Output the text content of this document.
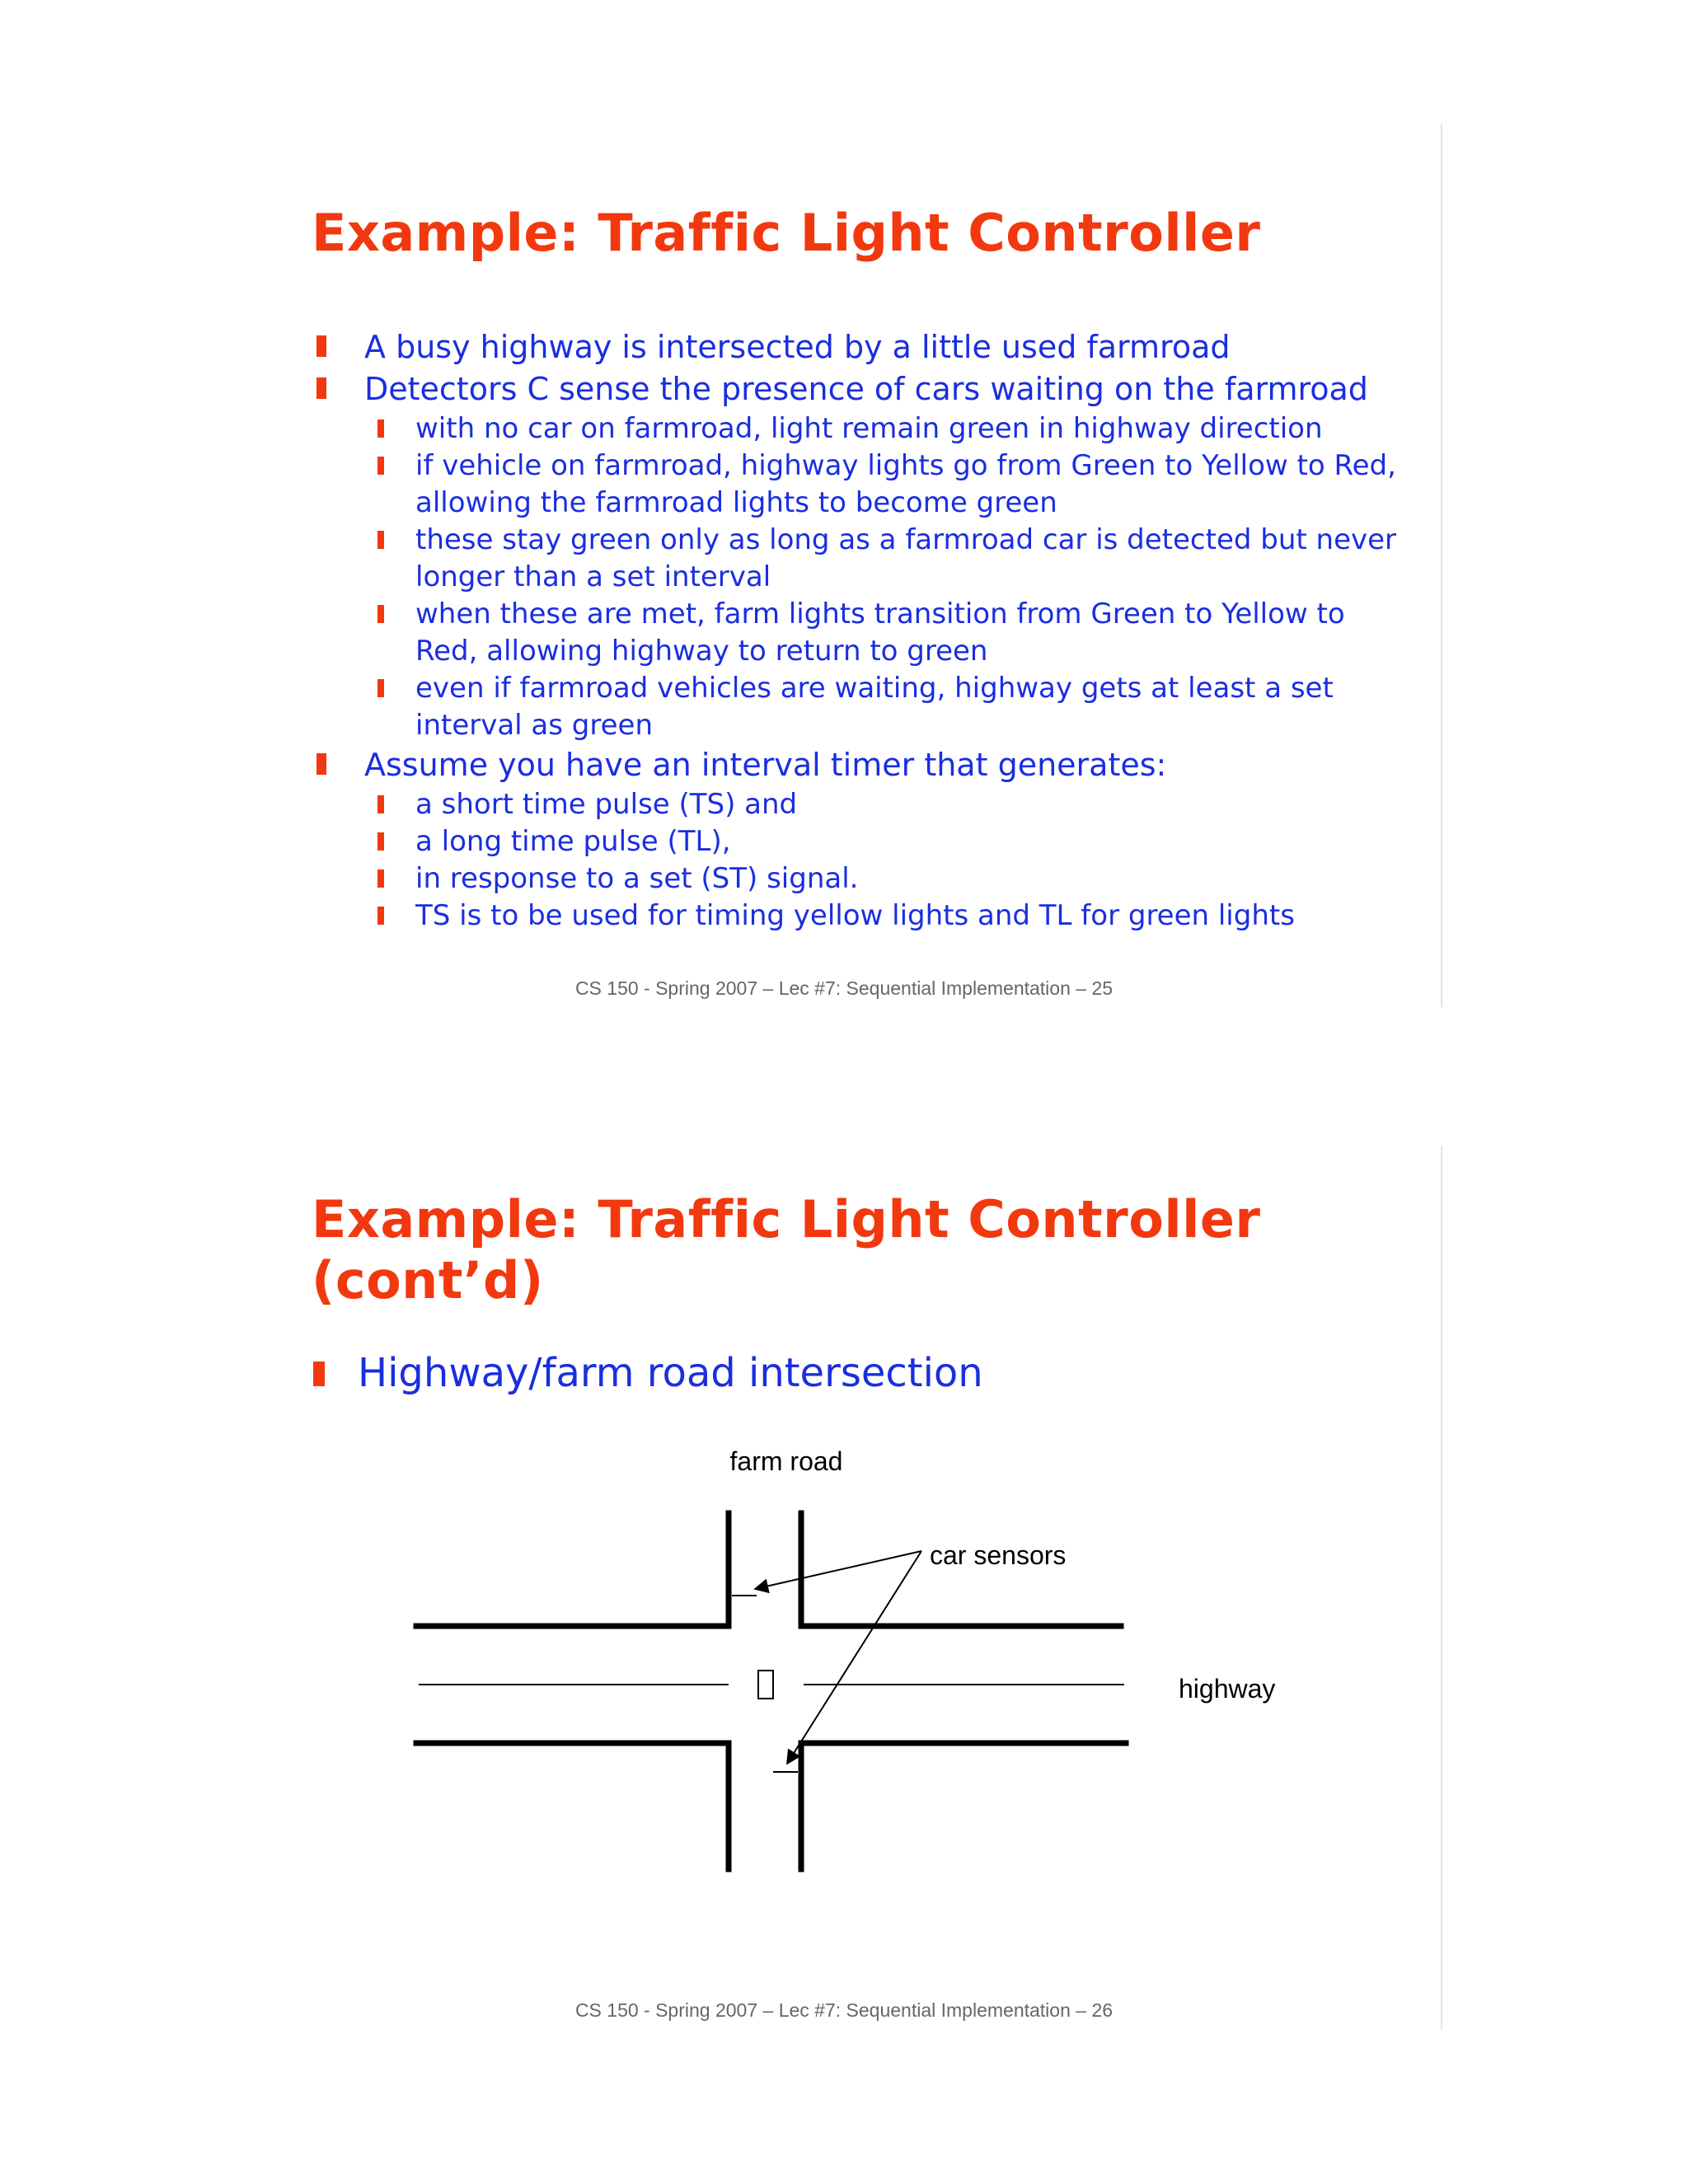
Example: Traffic Light Controller
A busy highway is intersected by a little used farmroad
Detectors C sense the presence of cars waiting on the farmroad
with no car on farmroad, light remain green in highway direction
if vehicle on farmroad, highway lights go from Green to Yellow to Red,
allowing the farmroad lights to become green
these stay green only as long as a farmroad car is detected but never
longer than a set interval
when these are met, farm lights transition from Green to Yellow to
Red, allowing highway to return to green
even if farmroad vehicles are waiting, highway gets at least a set
interval as green
Assume you have an interval timer that generates:
a short time pulse (TS) and
a long time pulse (TL),
in response to a set (ST) signal.
TS is to be used for timing yellow lights and TL for green lights

CS 150 - Spring 2007 – Lec #7: Sequential Implementation – 25

Example: Traffic Light Controller
(cont’d)
Highway/farm road intersection
farm road
car sensors
highway

CS 150 - Spring 2007 – Lec #7: Sequential Implementation – 26
